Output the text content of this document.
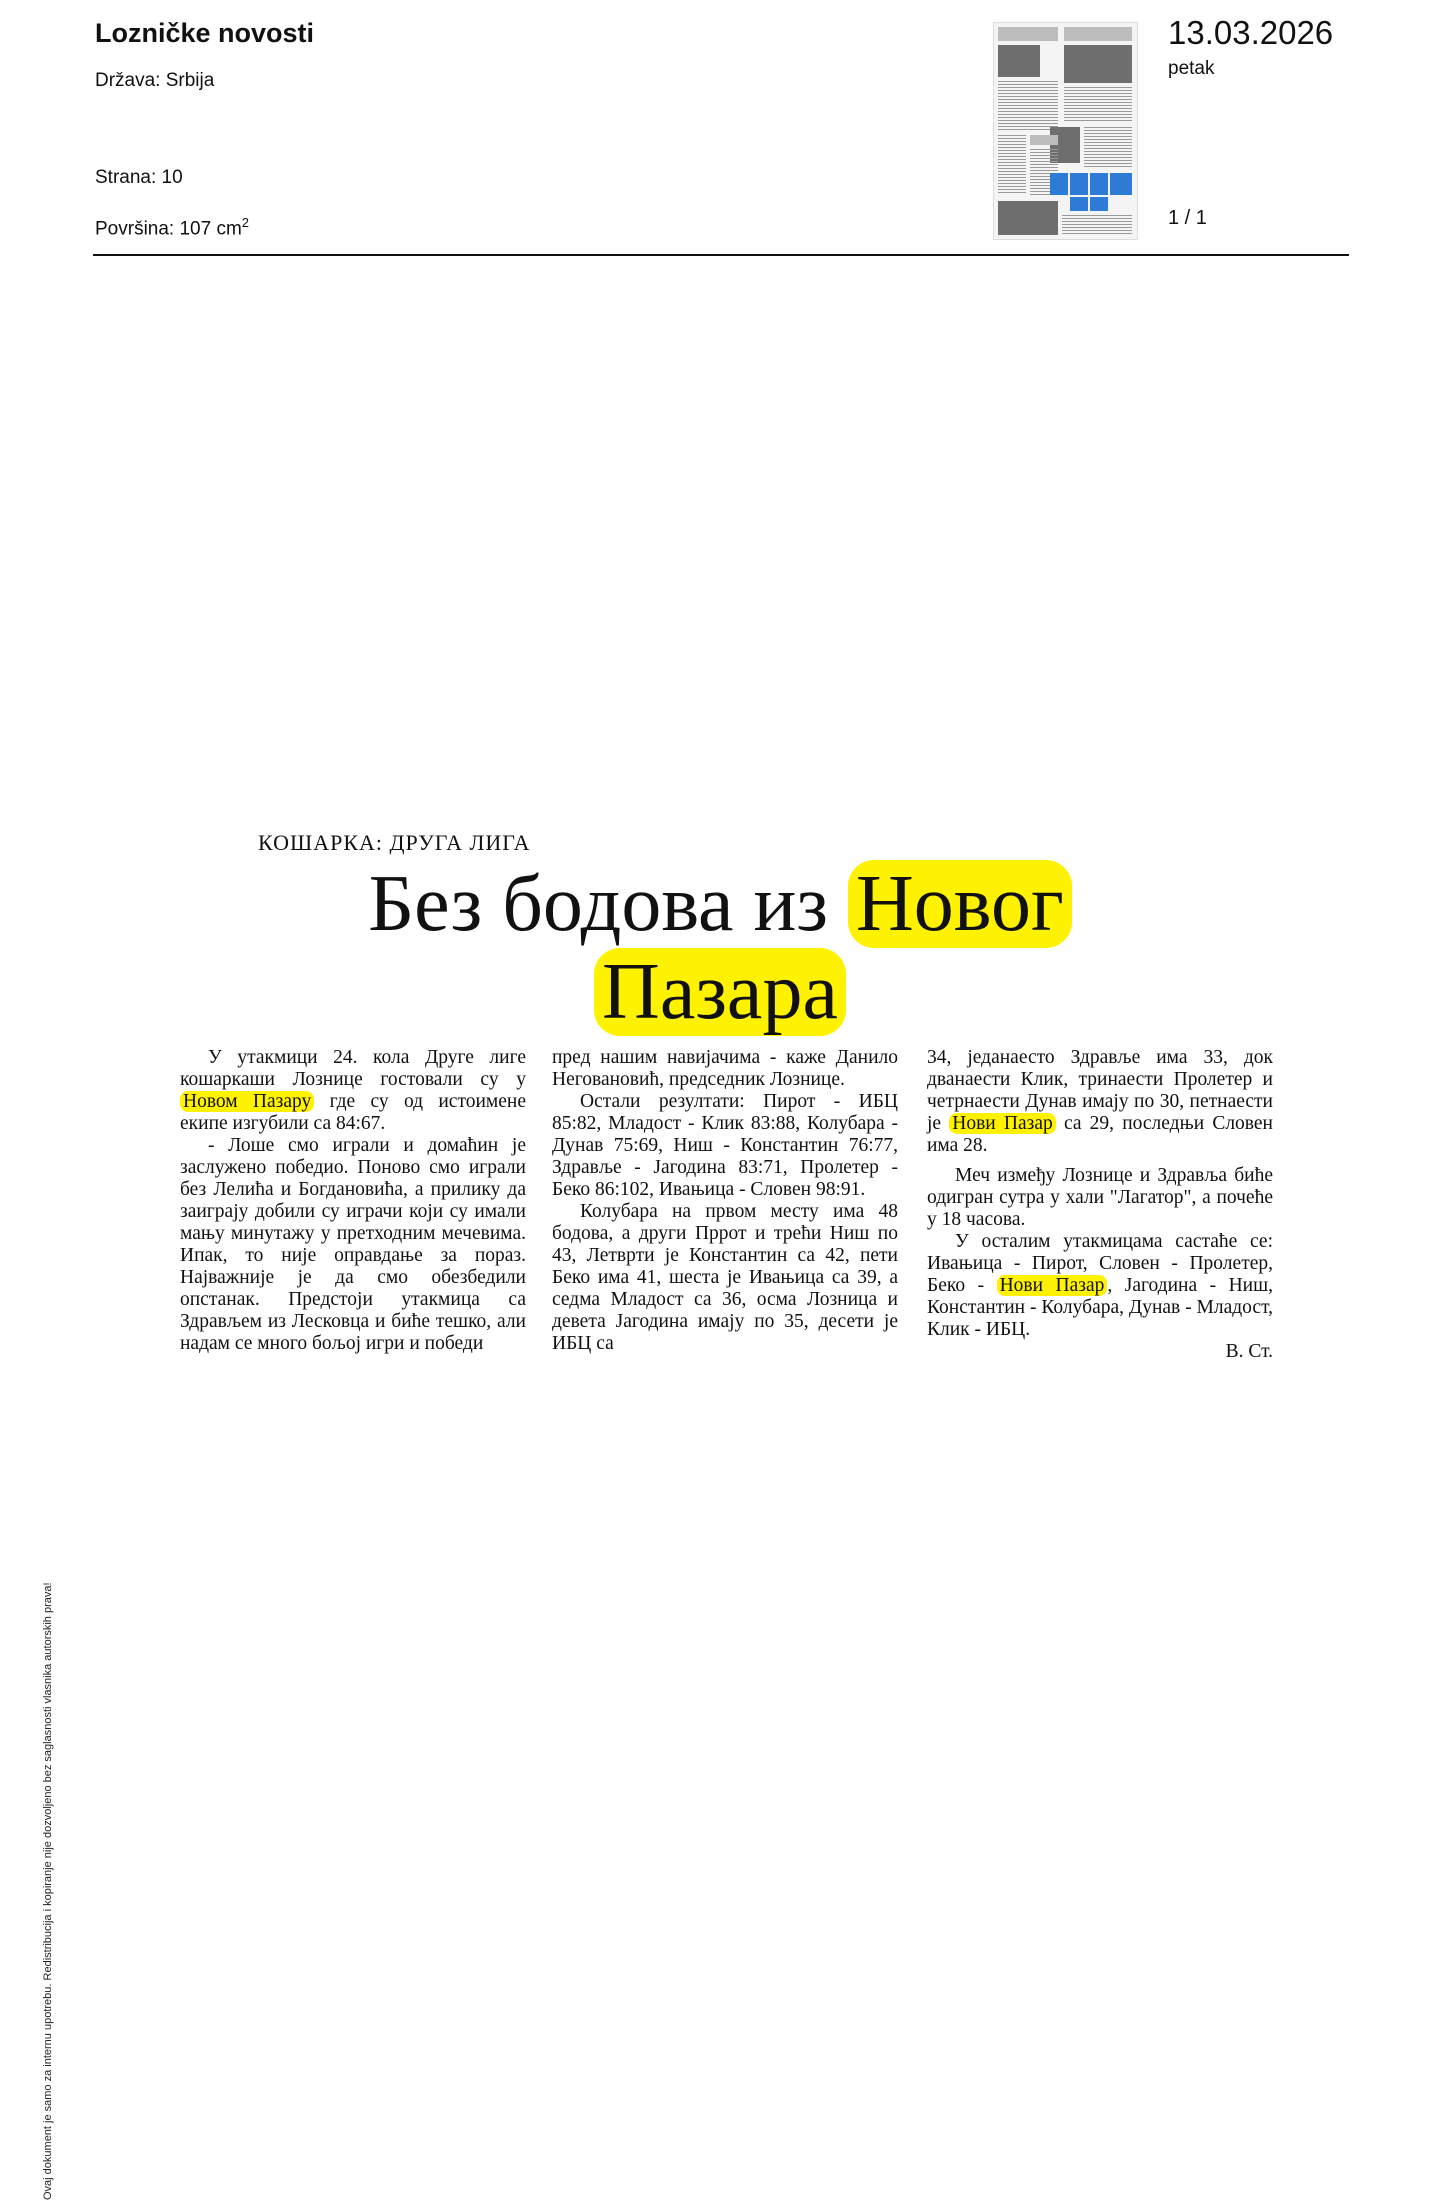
Lozničke novosti

Država: Srbija

Strana: 10

Površina: 107 $cm^2$

13.03.2026
petak
1 / 1
Ovaj dokument je samo za internu upotrebu. Redistribucija i kopiranje nije dozvoljeno bez saglasnosti vlasnika autorskih prava!
КОШАРКА: ДРУГА ЛИГА
Без бодова из Новог
Пазара

У утакмици 24. кола Друге лиге кошаркаши Лознице гостовали су у Новом Пазару где су од истоимене екипе изгубили са 84:67.

- Лоше смо играли и домаћин је заслужено победио. Поново смо играли без Лелића и Богдановића, а прилику да заиграју добили су играчи који су имали мању минутажу у претходним мечевима. Ипак, то није оправдање за пораз. Најважније је да смо обезбедили опстанак. Предстоји утакмица са Здрављем из Лесковца и биће тешко, али надам се много бољој игри и победи

пред нашим навијачима - каже Данило Неговановић, председник Лознице.

Остали резултати: Пирот - ИБЦ 85:82, Младост - Клик 83:88, Колубара - Дунав 75:69, Ниш - Константин 76:77, Здравље - Јагодина 83:71, Пролетер - Беко 86:102, Ивањица - Словен 98:91.

Колубара на првом месту има 48 бодова, а други Пррот и трећи Ниш по 43, Летврти је Константин са 42, пети Беко има 41, шеста је Ивањица са 39, а седма Младост са 36, осма Лозница и девета Јагодина имају по 35, десети је ИБЦ са

34, једанаесто Здравље има 33, док дванаести Клик, тринаести Пролетер и четрнаести Дунав имају по 30, петнаести је Нови Пазар са 29, последњи Словен има 28.

Меч између Лознице и Здравља биће одигран сутра у хали "Лагатор", а почеће у 18 часова.

У осталим утакмицама састаће се: Ивањица - Пирот, Словен - Пролетер, Беко - Нови Пазар , Јагодина - Ниш, Константин - Колубара, Дунав - Младост, Клик - ИБЦ.

В. Ст.
